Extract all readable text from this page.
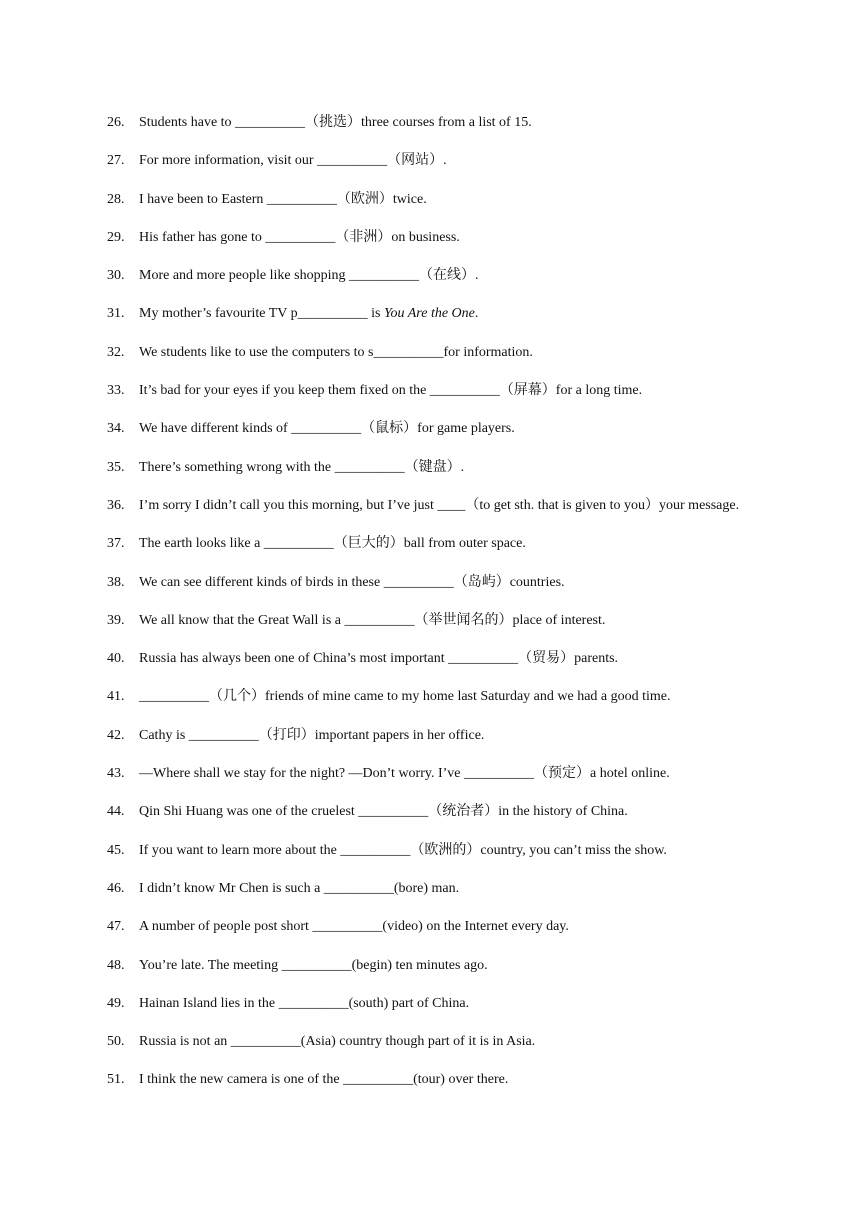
26.	Students have to __________（挑选）three courses from a list of 15.
27.	For more information, visit our __________（网站）.
28.	I have been to Eastern __________（欧洲）twice.
29.	His father has gone to __________（非洲）on business.
30.	More and more people like shopping __________（在线）.
31.	My mother’s favourite TV p__________ is You Are the One.
32.	We students like to use the computers to s__________for information.
33.	It’s bad for your eyes if you keep them fixed on the __________（屏幕）for a long time.
34.	We have different kinds of __________（鼠标）for game players.
35.	There’s something wrong with the __________（键盘）.
36.	I’m sorry I didn’t call you this morning, but I’ve just ____（to get sth. that is given to you）your message.
37.	The earth looks like a __________（巨大的）ball from outer space.
38.	We can see different kinds of birds in these __________（岛屿）countries.
39.	We all know that the Great Wall is a __________（举世闻名的）place of interest.
40.	Russia has always been one of China’s most important __________（贸易）parents.
41.	__________（几个）friends of mine came to my home last Saturday and we had a good time.
42.	Cathy is __________（打印）important papers in her office.
43.	—Where shall we stay for the night? —Don’t worry. I’ve __________（预定）a hotel online.
44.	Qin Shi Huang was one of the cruelest __________（统治者）in the history of China.
45.	If you want to learn more about the __________（欧洲的）country, you can’t miss the show.
46.	I didn’t know Mr Chen is such a __________(bore) man.
47.	A number of people post short __________(video) on the Internet every day.
48.	You’re late. The meeting __________(begin) ten minutes ago.
49.	Hainan Island lies in the __________(south) part of China.
50.	Russia is not an __________(Asia) country though part of it is in Asia.
51.	I think the new camera is one of the __________(tour) over there.
